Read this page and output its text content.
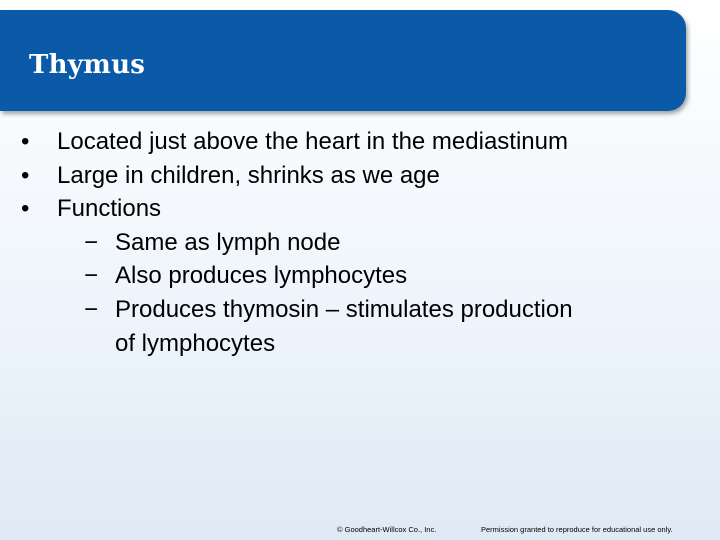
Thymus
• Located just above the heart in the mediastinum
• Large in children, shrinks as we age
• Functions
− Same as lymph node
− Also produces lymphocytes
− Produces thymosin – stimulates production
of lymphocytes
© Goodheart-Willcox Co., Inc.	Permission granted to reproduce for educational use only.
